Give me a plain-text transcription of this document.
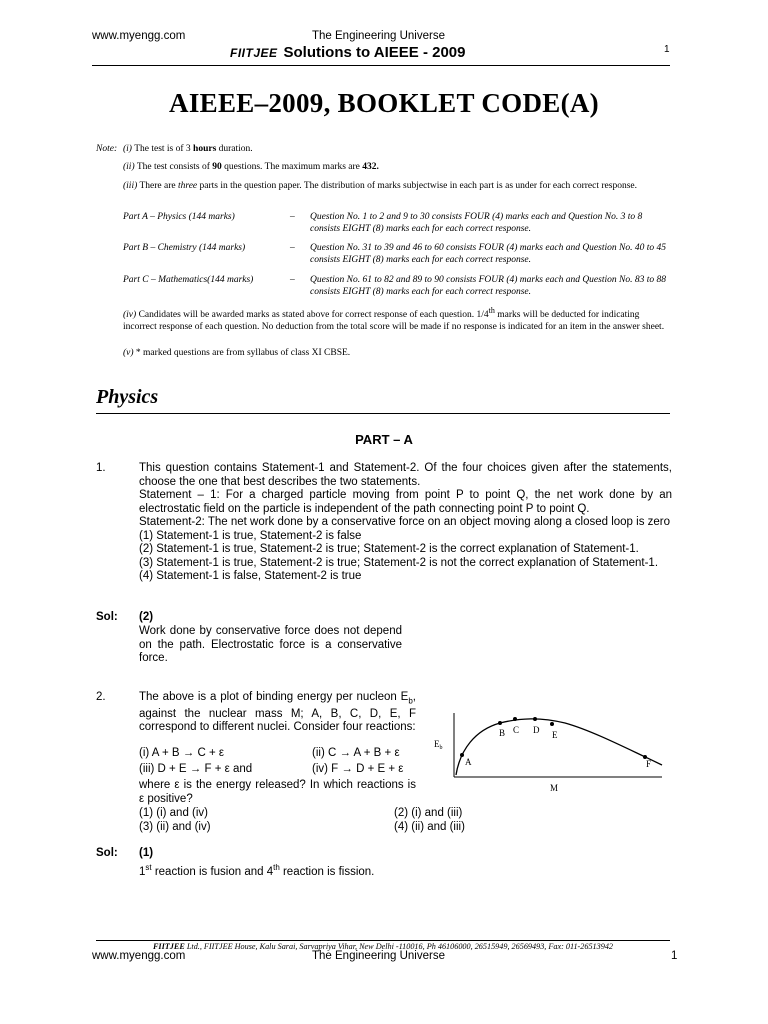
www.myengg.com	The Engineering Universe
FIITJEE Solutions to AIEEE - 2009	1
AIEEE–2009, BOOKLET CODE(A)
Note: (i) The test is of 3 hours duration.
(ii) The test consists of 90 questions. The maximum marks are 432.
(iii) There are three parts in the question paper. The distribution of marks subjectwise in each part is as under for each correct response.
Part A – Physics (144 marks)	– Question No. 1 to 2 and 9 to 30 consists FOUR (4) marks each and Question No. 3 to 8 consists EIGHT (8) marks each for each correct response.
Part B – Chemistry (144 marks)	– Question No. 31 to 39 and 46 to 60 consists FOUR (4) marks each and Question No. 40 to 45 consists EIGHT (8) marks each for each correct response.
Part C – Mathematics(144 marks)	– Question No. 61 to 82 and 89 to 90 consists FOUR (4) marks each and Question No. 83 to 88 consists EIGHT (8) marks each for each correct response.
(iv) Candidates will be awarded marks as stated above for correct response of each question. 1/4th marks will be deducted for indicating incorrect response of each question. No deduction from the total score will be made if no response is indicated for an item in the answer sheet.
(v) * marked questions are from syllabus of class XI CBSE.
Physics
PART – A
1.	This question contains Statement-1 and Statement-2. Of the four choices given after the statements, choose the one that best describes the two statements.
Statement – 1: For a charged particle moving from point P to point Q, the net work done by an electrostatic field on the particle is independent of the path connecting point P to point Q.
Statement-2: The net work done by a conservative force on an object moving along a closed loop is zero
(1) Statement-1 is true, Statement-2 is false
(2) Statement-1 is true, Statement-2 is true; Statement-2 is the correct explanation of Statement-1.
(3) Statement-1 is true, Statement-2 is true; Statement-2 is not the correct explanation of Statement-1.
(4) Statement-1 is false, Statement-2 is true
Sol: (2)
Work done by conservative force does not depend on the path. Electrostatic force is a conservative force.
2.	The above is a plot of binding energy per nucleon $E_b$, against the nuclear mass M; A, B, C, D, E, F correspond to different nuclei. Consider four reactions:
(i) A + B → C + ε	(ii) C → A + B + ε
(iii) D + E → F + ε and	(iv) F → D + E + ε
where ε is the energy released? In which reactions is ε positive?
(1) (i) and (iv)	(2) (i) and (iii)
(3) (ii) and (iv)	(4) (ii) and (iii)
$E_b$
M
A
B C D E
F
Sol: (1)
1st reaction is fusion and 4th reaction is fission.
FIITJEE Ltd., FIITJEE House, Kalu Sarai, Sarvapriya Vihar, New Delhi -110016, Ph 46106000, 26515949, 26569493, Fax: 011-26513942
www.myengg.com	The Engineering Universe	1
